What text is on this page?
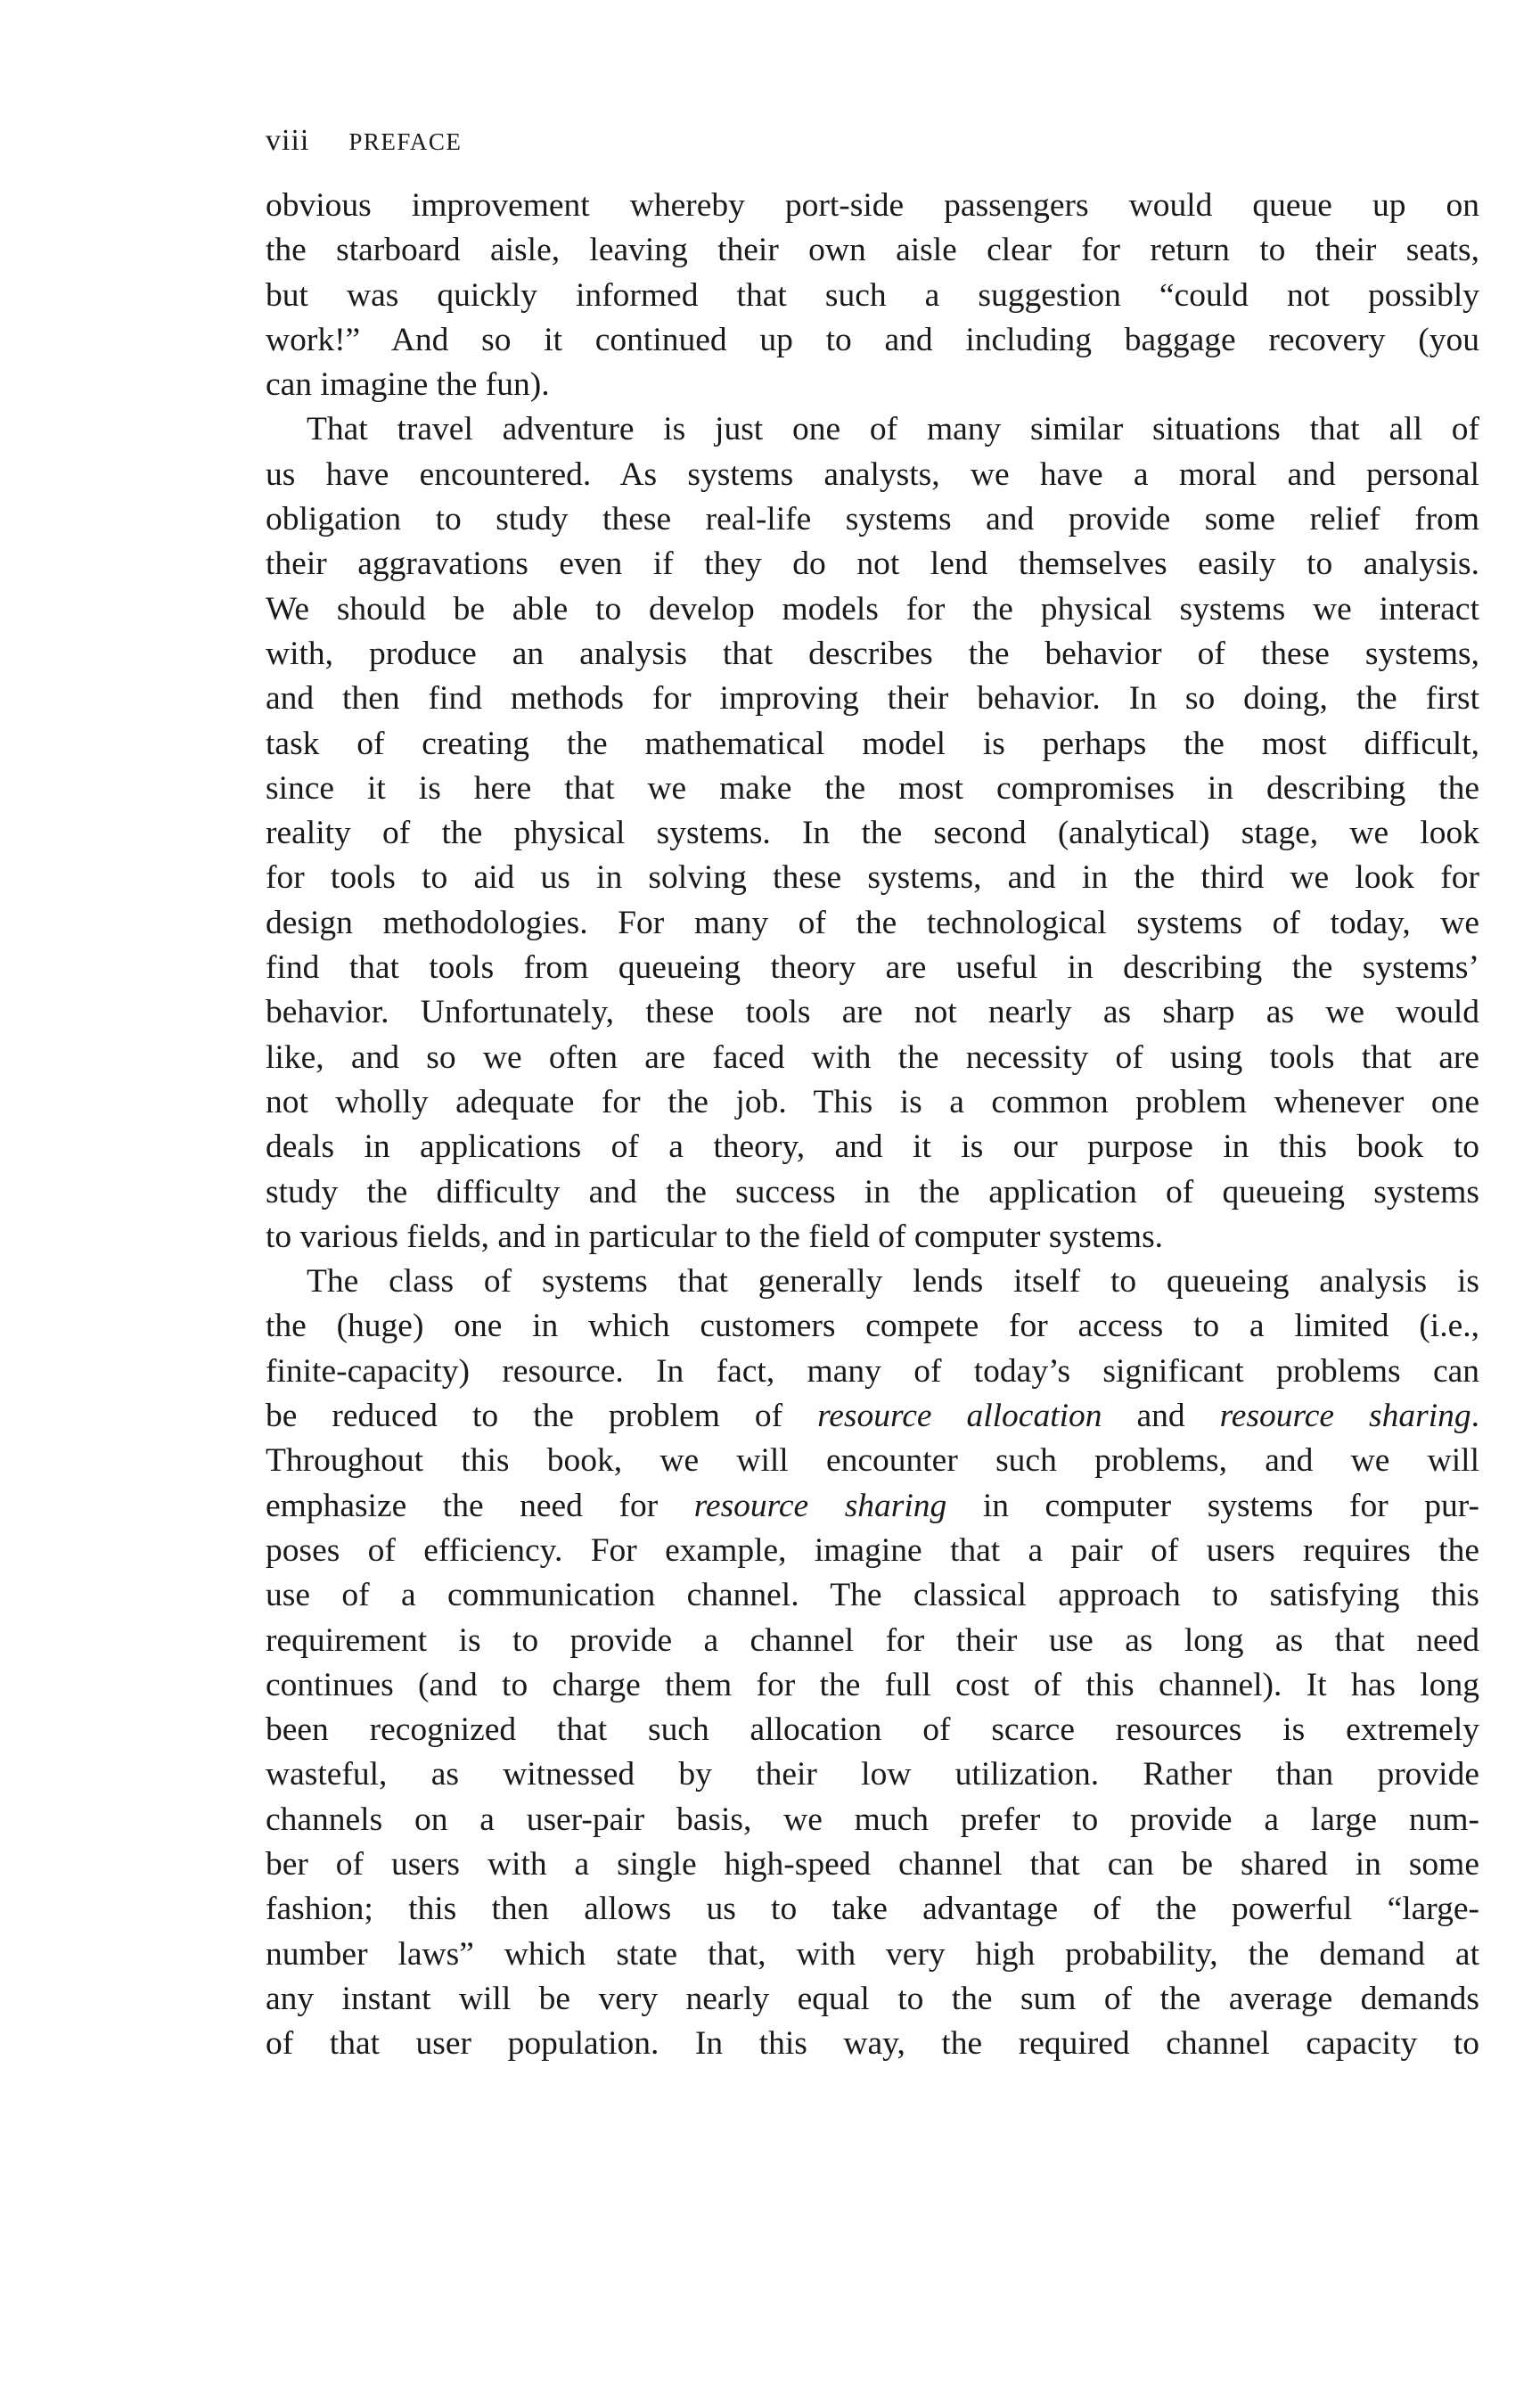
viii PREFACE
obvious improvement whereby port-side passengers would queue up on
the starboard aisle, leaving their own aisle clear for return to their seats,
but was quickly informed that such a suggestion “could not possibly
work!” And so it continued up to and including baggage recovery (you
can imagine the fun).
That travel adventure is just one of many similar situations that all of
us have encountered. As systems analysts, we have a moral and personal
obligation to study these real-life systems and provide some relief from
their aggravations even if they do not lend themselves easily to analysis.
We should be able to develop models for the physical systems we interact
with, produce an analysis that describes the behavior of these systems,
and then find methods for improving their behavior. In so doing, the first
task of creating the mathematical model is perhaps the most difficult,
since it is here that we make the most compromises in describing the
reality of the physical systems. In the second (analytical) stage, we look
for tools to aid us in solving these systems, and in the third we look for
design methodologies. For many of the technological systems of today, we
find that tools from queueing theory are useful in describing the systems’
behavior. Unfortunately, these tools are not nearly as sharp as we would
like, and so we often are faced with the necessity of using tools that are
not wholly adequate for the job. This is a common problem whenever one
deals in applications of a theory, and it is our purpose in this book to
study the difficulty and the success in the application of queueing systems
to various fields, and in particular to the field of computer systems.
The class of systems that generally lends itself to queueing analysis is
the (huge) one in which customers compete for access to a limited (i.e.,
finite-capacity) resource. In fact, many of today’s significant problems can
be reduced to the problem of resource allocation and resource sharing.
Throughout this book, we will encounter such problems, and we will
emphasize the need for resource sharing in computer systems for pur-
poses of efficiency. For example, imagine that a pair of users requires the
use of a communication channel. The classical approach to satisfying this
requirement is to provide a channel for their use as long as that need
continues (and to charge them for the full cost of this channel). It has long
been recognized that such allocation of scarce resources is extremely
wasteful, as witnessed by their low utilization. Rather than provide
channels on a user-pair basis, we much prefer to provide a large num-
ber of users with a single high-speed channel that can be shared in some
fashion; this then allows us to take advantage of the powerful “large-
number laws” which state that, with very high probability, the demand at
any instant will be very nearly equal to the sum of the average demands
of that user population. In this way, the required channel capacity to
